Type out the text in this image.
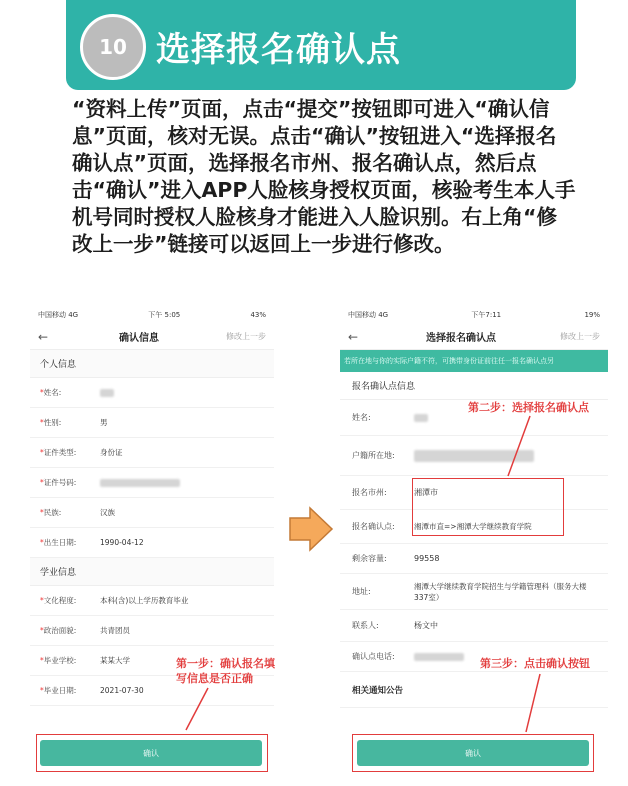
10 选择报名确认点
“资料上传”页面，点击“提交”按钮即可进入“确认信息”页面，核对无误。点击“确认”按钮进入“选择报名确认点”页面，选择报名市州、报名确认点，然后点击“确认”进入APP人脸核身授权页面，核验考生本人手机号同时授权人脸核身才能进入人脸识别。右上角“修改上一步”链接可以返回上一步进行修改。
中国移动 4G	下午 5:05	43%
←	确认信息	修改上一步
个人信息
*姓名:
*性别:	男
*证件类型:	身份证
*证件号码:
*民族:	汉族
*出生日期:	1990-04-12
学业信息
*文化程度:	本科(含)以上学历教育毕业
*政治面貌:	共青团员
*毕业学校:	某某大学
*毕业日期:	2021-07-30
第一步：确认报名填写信息是否正确
确认
中国移动 4G	下午7:11	19%
←	选择报名确认点	修改上一步
若所在地与你的实际户籍不符，可携带身份证前往任一报名确认点另
报名确认点信息
姓名:
户籍所在地:
报名市州:	湘潭市
报名确认点:	湘潭市直=>湘潭大学继续教育学院
剩余容量:	99558
地址:
湘潭大学继续教育学院招生与学籍管理科（服务大楼 337室）
联系人:	杨文中
确认点电话:
相关通知公告
第二步：选择报名确认点
第三步：点击确认按钮
确认
